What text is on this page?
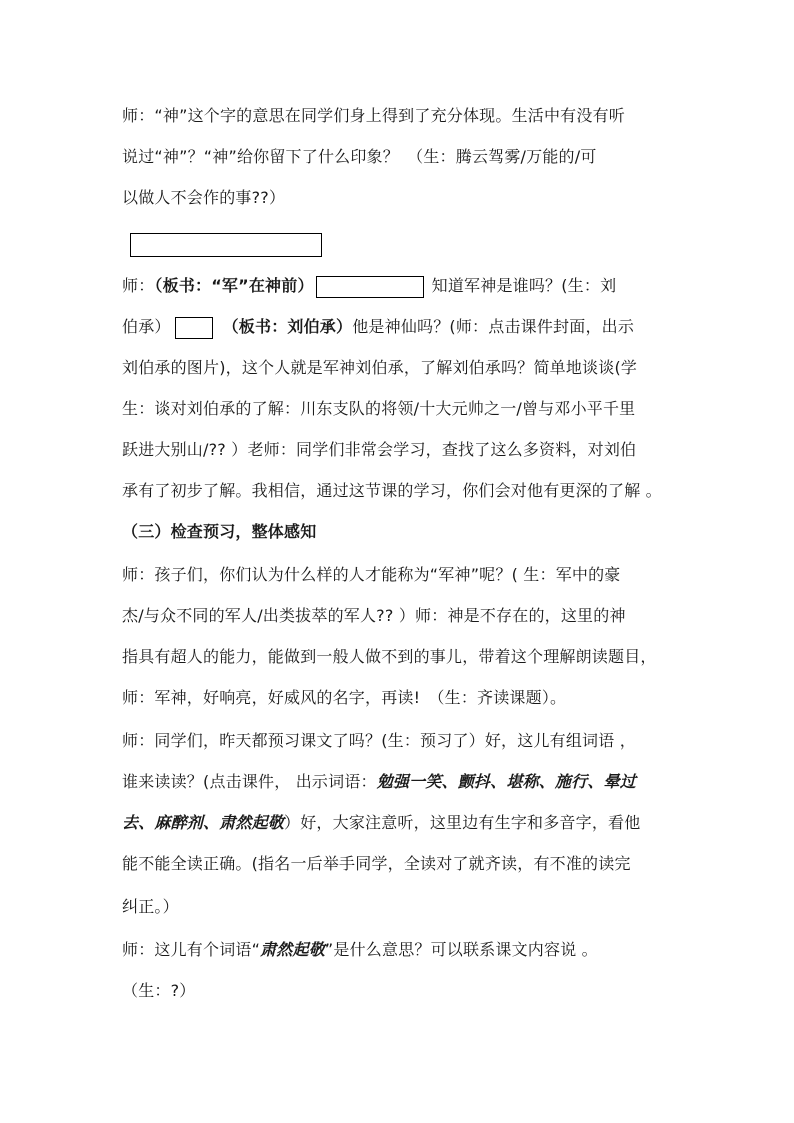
师：“神”这个字的意思在同学们身上得到了充分体现。生活中有没有听
说过“神”？“神”给你留下了什么印象？　（生：腾云驾雾/万能的/可
以做人不会作的事??）
师：（板书：“军”在神前）	知道军神是谁吗？(生：刘
伯承）	（板书：刘伯承）他是神仙吗？(师：点击课件封面，出示
刘伯承的图片)，这个人就是军神刘伯承，了解刘伯承吗？简单地谈谈(学
生：谈对刘伯承的了解：川东支队的将领/十大元帅之一/曾与邓小平千里
跃进大别山/?? ）老师：同学们非常会学习，查找了这么多资料，对刘伯
承有了初步了解。我相信，通过这节课的学习，你们会对他有更深的了解 。
（三）检查预习，整体感知
师：孩子们，你们认为什么样的人才能称为“军神”呢？( 生：军中的豪
杰/与众不同的军人/出类拔萃的军人?? ）师：神是不存在的，这里的神
指具有超人的能力，能做到一般人做不到的事儿，带着这个理解朗读题目，
师：军神，好响亮，好威风的名字，再读!　（生：齐读课题）。
师：同学们，昨天都预习课文了吗？(生：预习了）好，这儿有组词语 ，
谁来读读？(点击课件， 出示词语：勉强一笑、颤抖、堪称、施行、晕过
去、麻醉剂、肃然起敬）好，大家注意听，这里边有生字和多音字，看他
能不能全读正确。(指名一后举手同学，全读对了就齐读，有不准的读完
纠正。）
师：这儿有个词语“肃然起敬”是什么意思？可以联系课文内容说 。
（生：?）
